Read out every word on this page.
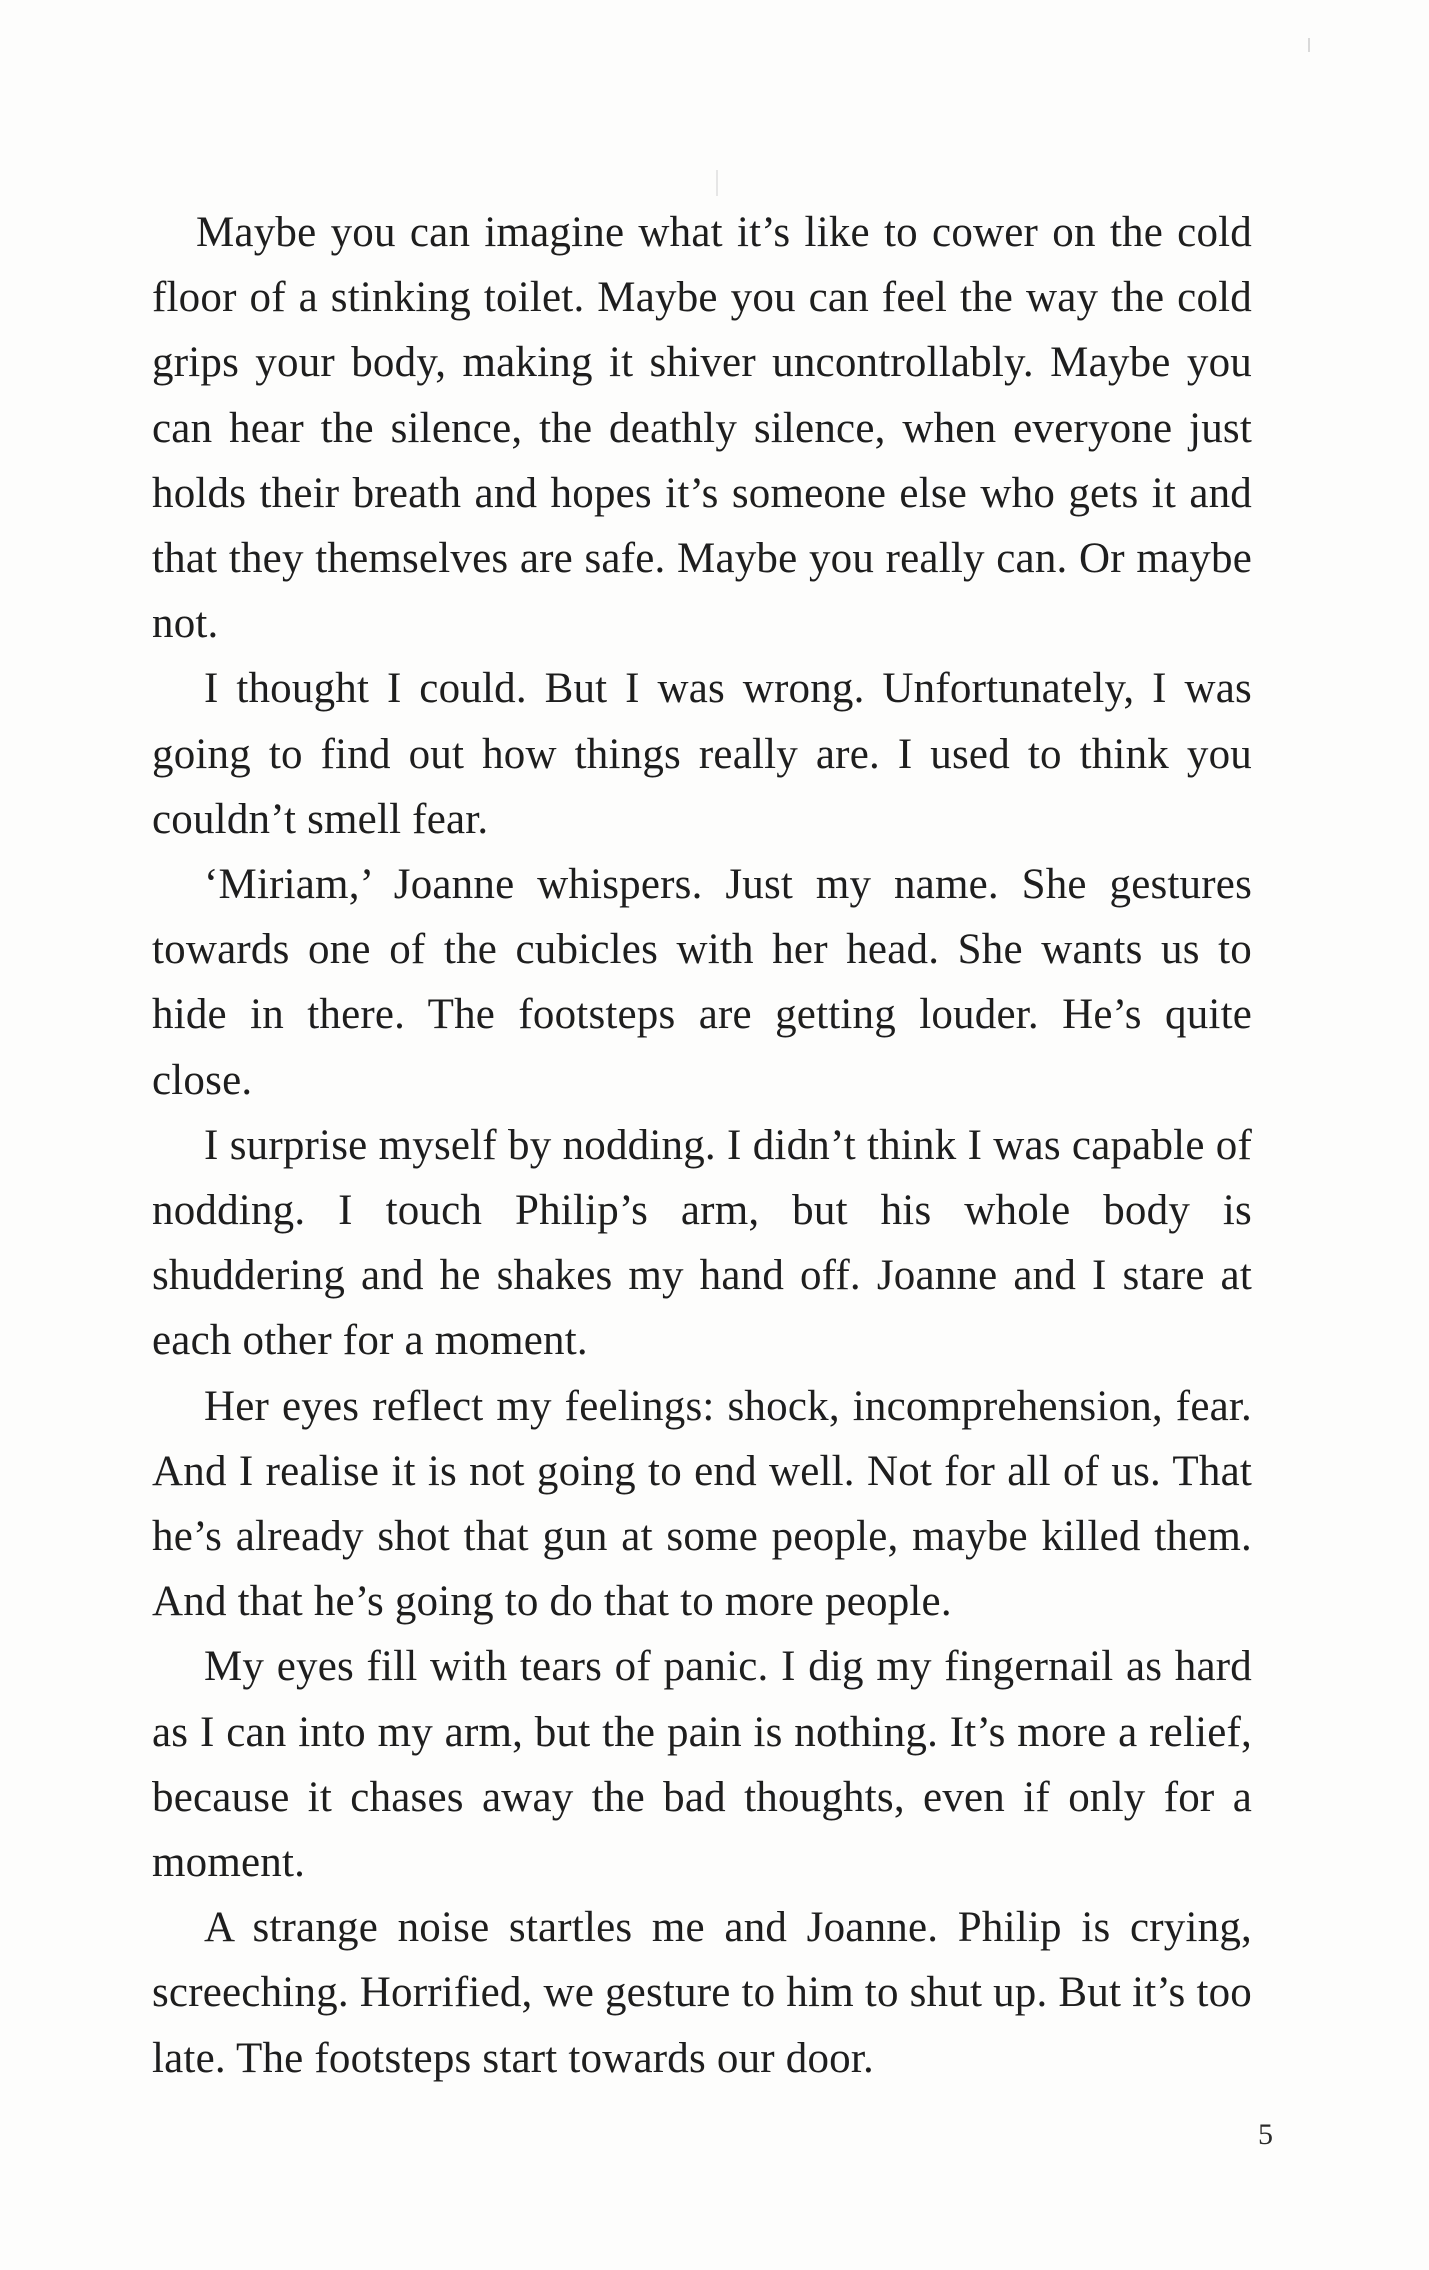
Maybe you can imagine what it’s like to cower on the cold floor of a stinking toilet. Maybe you can feel the way the cold grips your body, making it shiver uncontrollably. Maybe you can hear the silence, the deathly silence, when everyone just holds their breath and hopes it’s someone else who gets it and that they themselves are safe. Maybe you really can. Or maybe not.

I thought I could. But I was wrong. Unfortunately, I was going to find out how things really are. I used to think you couldn’t smell fear.

‘Miriam,’ Joanne whispers. Just my name. She gestures towards one of the cubicles with her head. She wants us to hide in there. The footsteps are getting louder. He’s quite close.

I surprise myself by nodding. I didn’t think I was capable of nodding. I touch Philip’s arm, but his whole body is shuddering and he shakes my hand off. Joanne and I stare at each other for a moment.

Her eyes reflect my feelings: shock, incomprehension, fear. And I realise it is not going to end well. Not for all of us. That he’s already shot that gun at some people, maybe killed them. And that he’s going to do that to more people.

My eyes fill with tears of panic. I dig my fingernail as hard as I can into my arm, but the pain is nothing. It’s more a relief, because it chases away the bad thoughts, even if only for a moment.

A strange noise startles me and Joanne. Philip is crying, screeching. Horrified, we gesture to him to shut up. But it’s too late. The footsteps start towards our door.

5
